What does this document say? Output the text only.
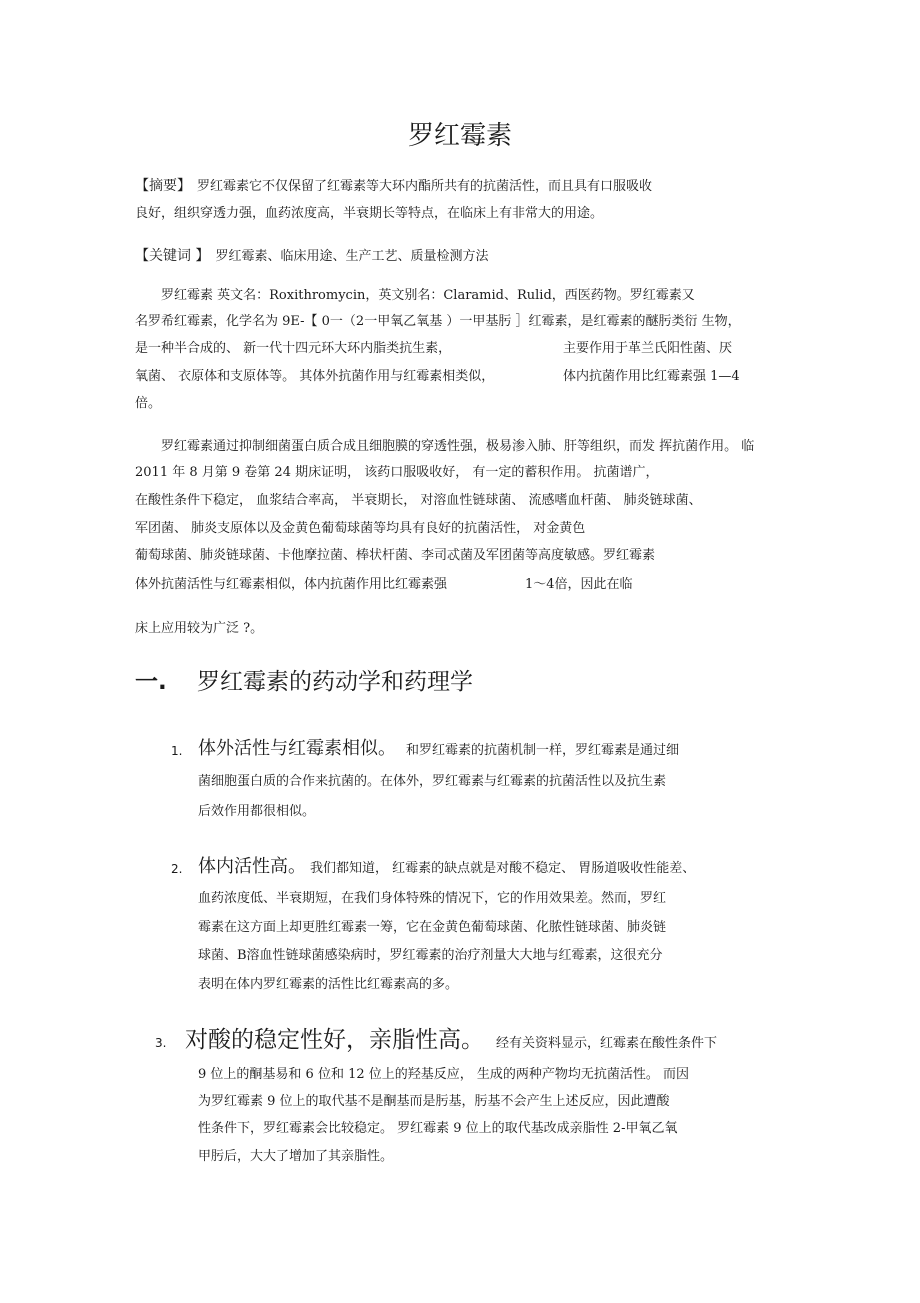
罗红霉素
【摘要】 罗红霉素它不仅保留了红霉素等大环内酯所共有的抗菌活性，而且具有口服吸收
良好，组织穿透力强，血药浓度高，半衰期长等特点，在临床上有非常大的用途。
【关键词 】 罗红霉素、临床用途、生产工艺、质量检测方法
罗红霉素 英文名：Roxithromycin，英文别名：Claramid、Rulid，西医药物。罗红霉素又
名罗希红霉素，化学名为 9E-【 0一（2一甲氧乙氧基 ）一甲基肟 ］红霉素，是红霉素的醚肟类衍 生物，
是一种半合成的、 新一代十四元环大环内脂类抗生素，	主要作用于革兰氏阳性菌、厌
氧菌、 衣原体和支原体等。 其体外抗菌作用与红霉素相类似，	体内抗菌作用比红霉素强 1—4
倍。
罗红霉素通过抑制细菌蛋白质合成且细胞膜的穿透性强，极易渗入肺、肝等组织，而发 挥抗菌作用。 临
2011 年 8 月第 9 卷第 24 期床证明， 该药口服吸收好， 有一定的蓄积作用。 抗菌谱广，
在酸性条件下稳定， 血浆结合率高， 半衰期长， 对溶血性链球菌、 流感嗜血杆菌、 肺炎链球菌、
军团菌、 肺炎支原体以及金黄色葡萄球菌等均具有良好的抗菌活性， 对金黄色
葡萄球菌、肺炎链球菌、卡他摩拉菌、棒状杆菌、李司忒菌及军团菌等高度敏感。罗红霉素
体外抗菌活性与红霉素相似，体内抗菌作用比红霉素强	1～4倍，因此在临
床上应用较为广泛 ?。
一. 罗红霉素的药动学和药理学
1. 体外活性与红霉素相似。 和罗红霉素的抗菌机制一样，罗红霉素是通过细
菌细胞蛋白质的合作来抗菌的。在体外，罗红霉素与红霉素的抗菌活性以及抗生素
后效作用都很相似。
2. 体内活性高。 我们都知道， 红霉素的缺点就是对酸不稳定、 胃肠道吸收性能差、
血药浓度低、半衰期短，在我们身体特殊的情况下，它的作用效果差。然而，罗红
霉素在这方面上却更胜红霉素一筹，它在金黄色葡萄球菌、化脓性链球菌、肺炎链
球菌、B溶血性链球菌感染病时，罗红霉素的治疗剂量大大地与红霉素，这很充分
表明在体内罗红霉素的活性比红霉素高的多。
3. 对酸的稳定性好，亲脂性高。 经有关资料显示，红霉素在酸性条件下
9 位上的酮基易和 6 位和 12 位上的羟基反应， 生成的两种产物均无抗菌活性。 而因
为罗红霉素 9 位上的取代基不是酮基而是肟基，肟基不会产生上述反应，因此遭酸
性条件下，罗红霉素会比较稳定。 罗红霉素 9 位上的取代基改成亲脂性 2-甲氧乙氧
甲肟后，大大了增加了其亲脂性。
